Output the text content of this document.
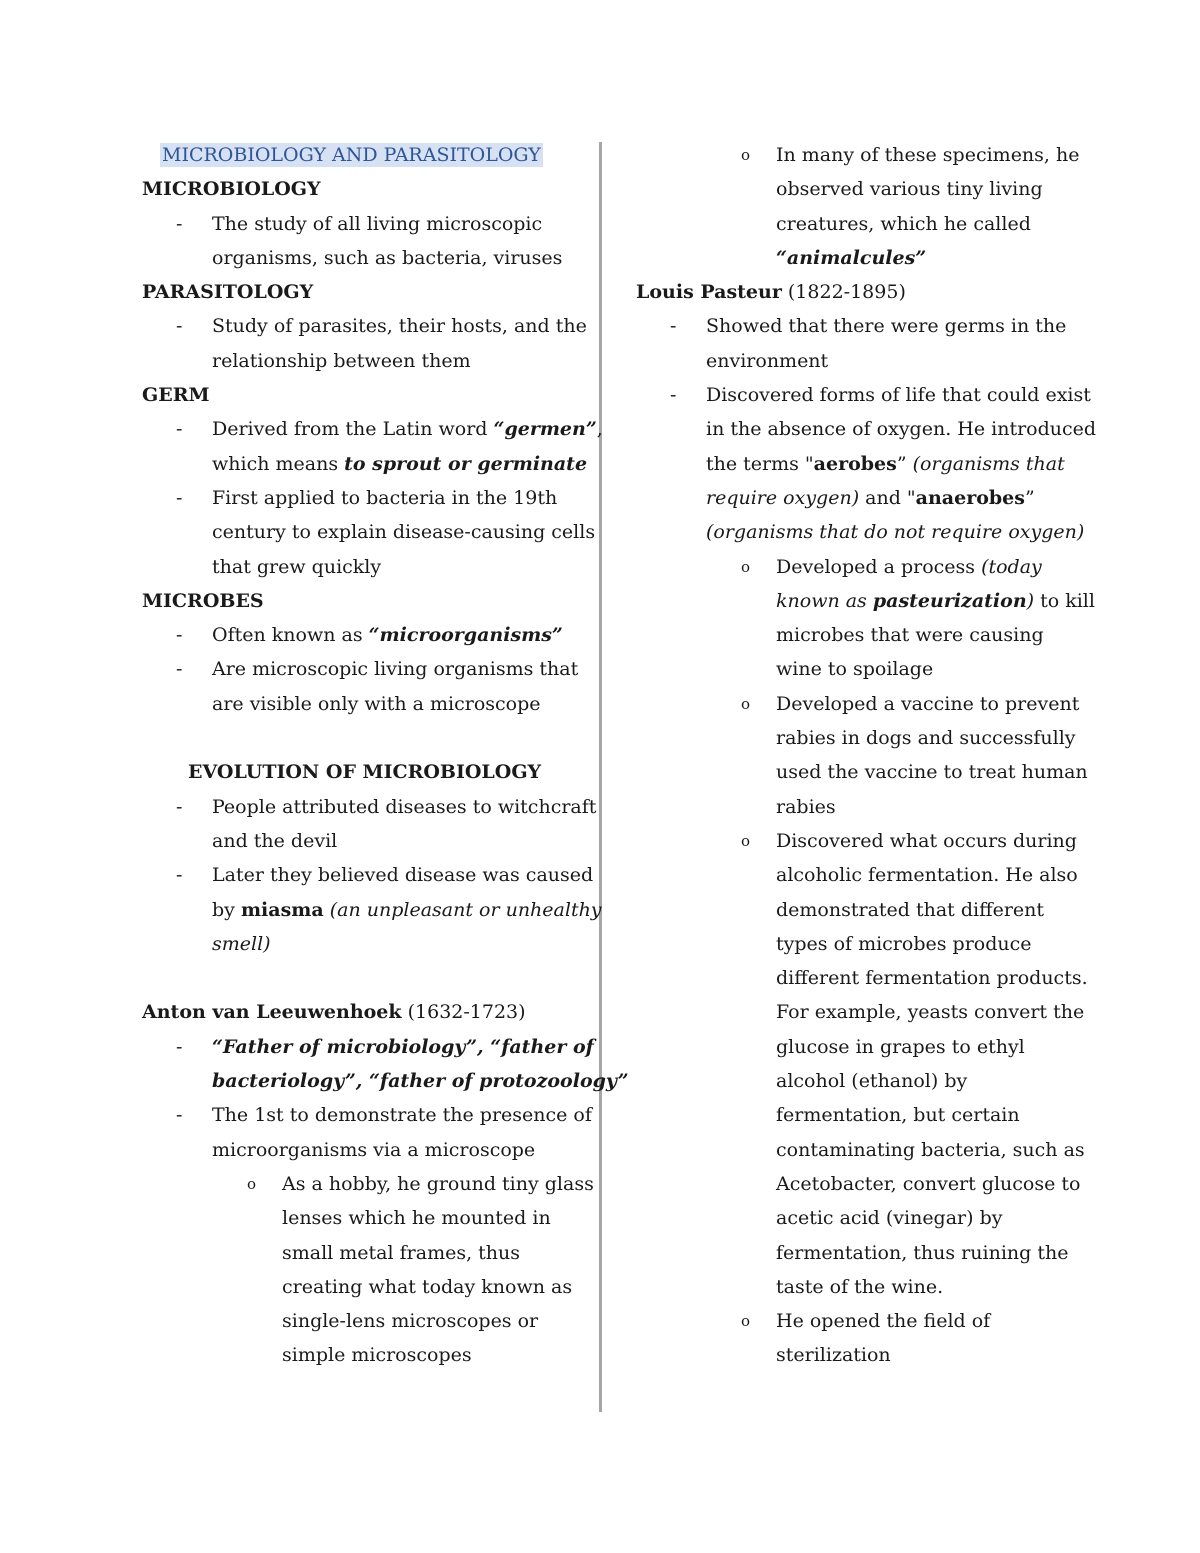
MICROBIOLOGY AND PARASITOLOGY
MICROBIOLOGY
- The study of all living microscopic
organisms, such as bacteria, viruses
PARASITOLOGY
- Study of parasites, their hosts, and the
relationship between them
GERM
- Derived from the Latin word “germen”,
which means to sprout or germinate
- First applied to bacteria in the 19th
century to explain disease-causing cells
that grew quickly
MICROBES
- Often known as “microorganisms”
- Are microscopic living organisms that
are visible only with a microscope
EVOLUTION OF MICROBIOLOGY
- People attributed diseases to witchcraft
and the devil
- Later they believed disease was caused
by miasma (an unpleasant or unhealthy
smell)
Anton van Leeuwenhoek (1632-1723)
- “Father of microbiology”, “father of
bacteriology”, “father of protozoology”
- The 1st to demonstrate the presence of
microorganisms via a microscope
o As a hobby, he ground tiny glass
lenses which he mounted in
small metal frames, thus
creating what today known as
single-lens microscopes or
simple microscopes
o In many of these specimens, he
observed various tiny living
creatures, which he called
“animalcules”
Louis Pasteur (1822-1895)
- Showed that there were germs in the
environment
- Discovered forms of life that could exist
in the absence of oxygen. He introduced
the terms "aerobes” (organisms that
require oxygen) and "anaerobes”
(organisms that do not require oxygen)
o Developed a process (today
known as pasteurization) to kill
microbes that were causing
wine to spoilage
o Developed a vaccine to prevent
rabies in dogs and successfully
used the vaccine to treat human
rabies
o Discovered what occurs during
alcoholic fermentation. He also
demonstrated that different
types of microbes produce
different fermentation products.
For example, yeasts convert the
glucose in grapes to ethyl
alcohol (ethanol) by
fermentation, but certain
contaminating bacteria, such as
Acetobacter, convert glucose to
acetic acid (vinegar) by
fermentation, thus ruining the
taste of the wine.
o He opened the field of
sterilization
